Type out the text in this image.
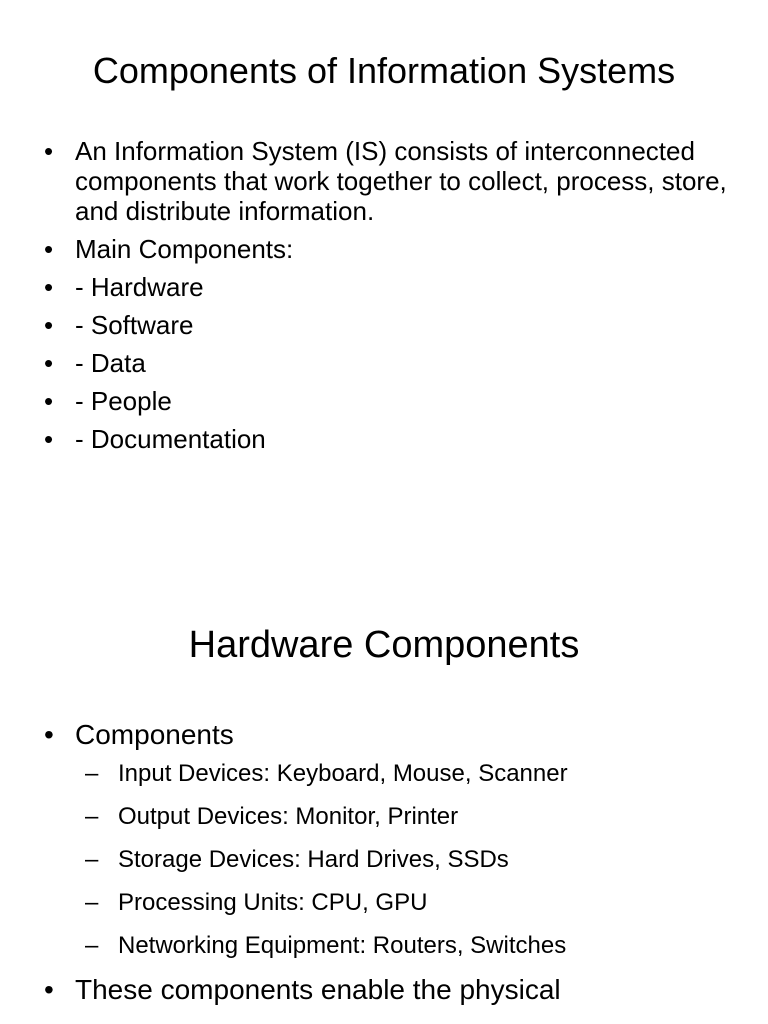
Components of Information Systems
• An Information System (IS) consists of interconnected components that work together to collect, process, store, and distribute information.
• Main Components:
• - Hardware
• - Software
• - Data
• - People
• - Documentation
Hardware Components
• Components
– Input Devices: Keyboard, Mouse, Scanner
– Output Devices: Monitor, Printer
– Storage Devices: Hard Drives, SSDs
– Processing Units: CPU, GPU
– Networking Equipment: Routers, Switches
• These components enable the physical
